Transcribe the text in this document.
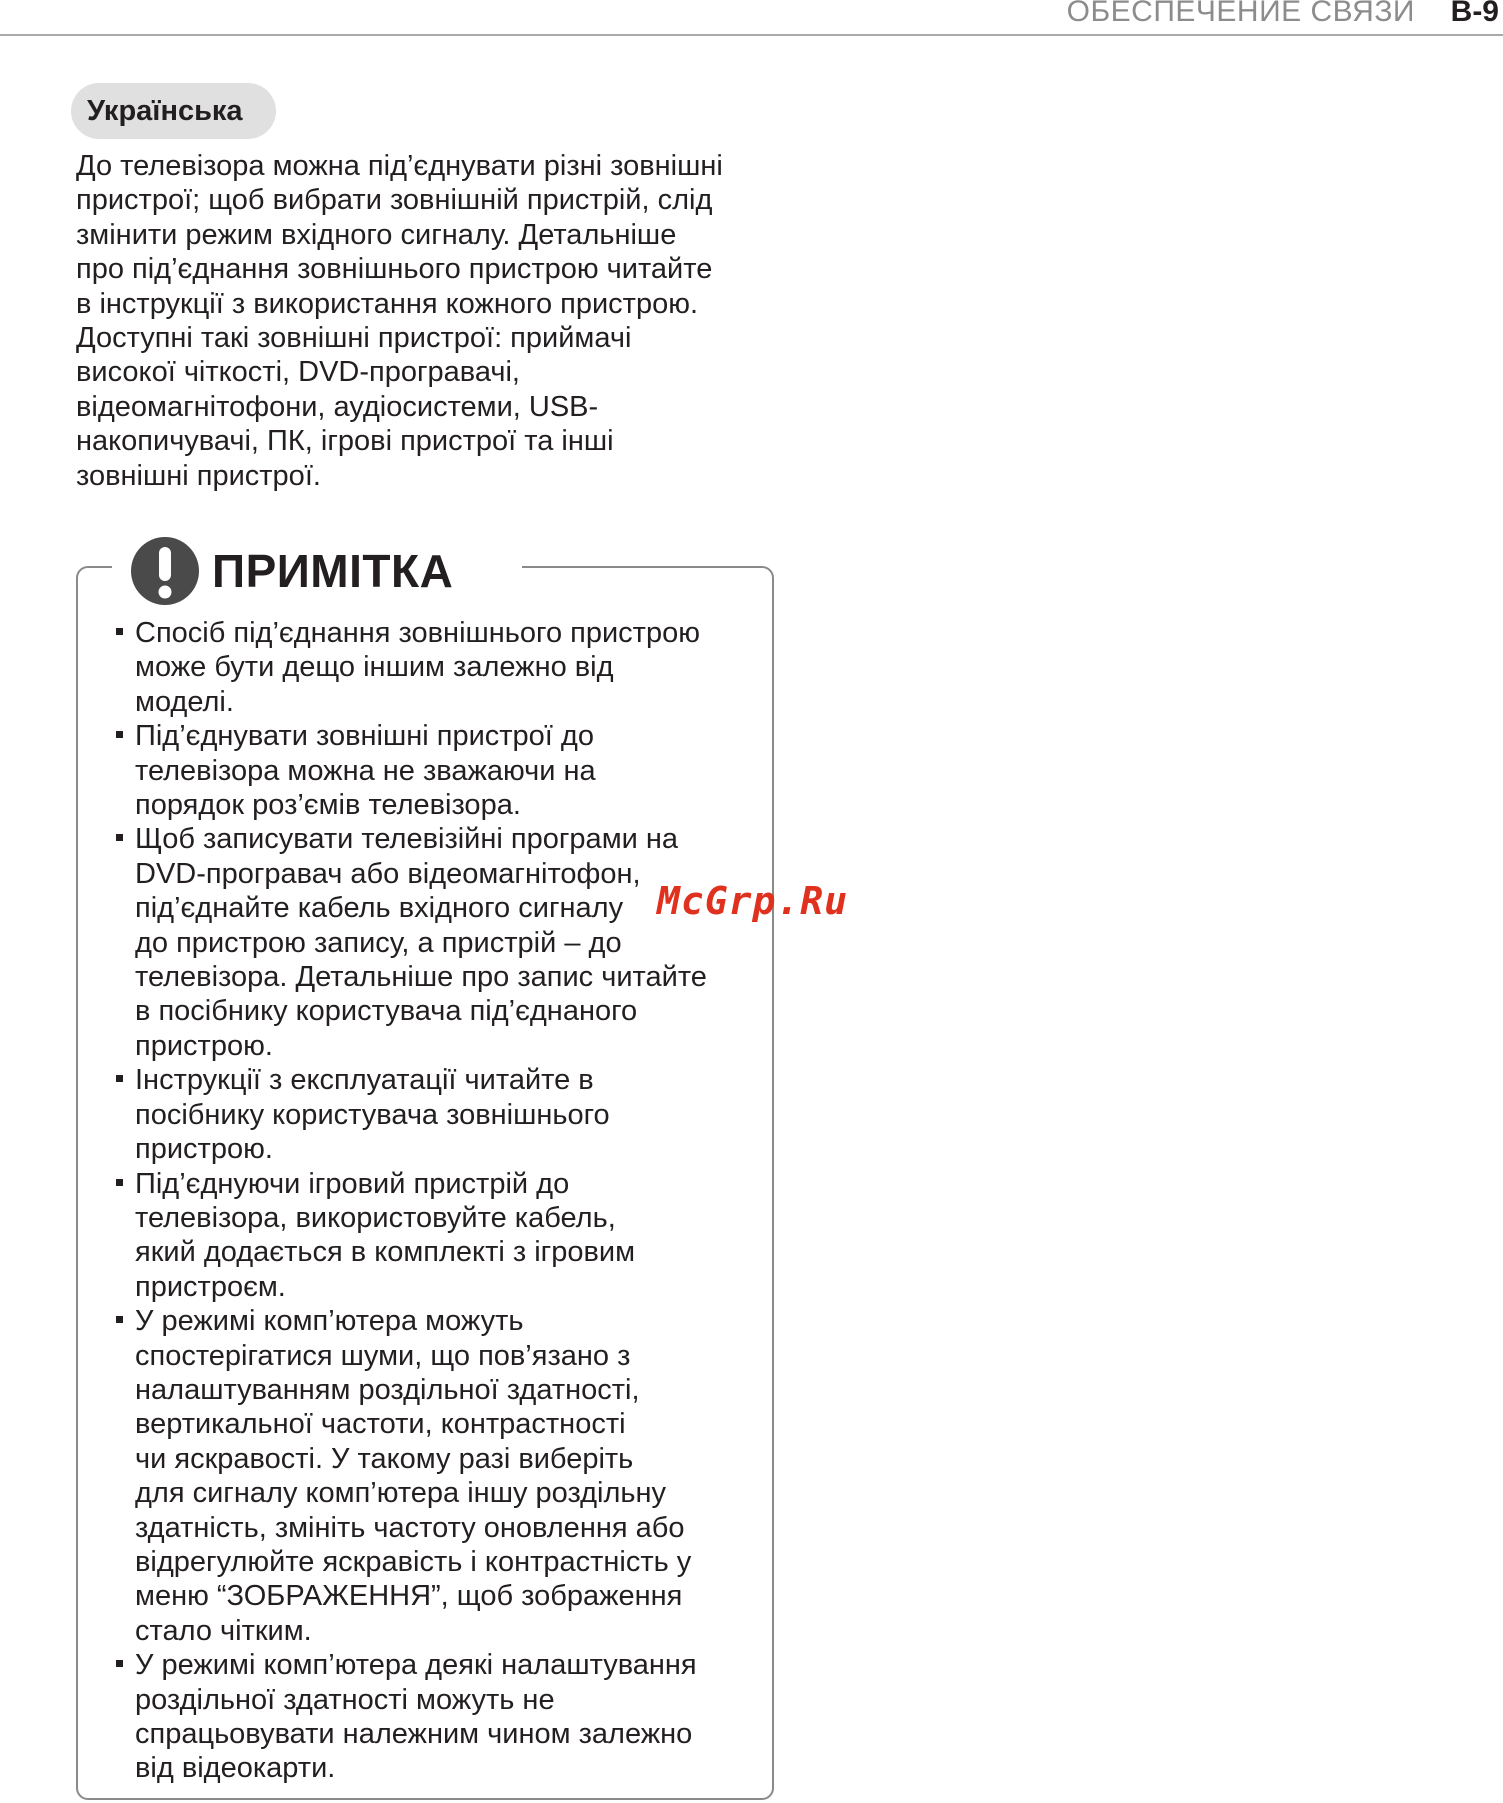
ОБЕСПЕЧЕНИЕ СВЯЗИ B-9
Українська
До телевізора можна під’єднувати різні зовнішні
пристрої; щоб вибрати зовнішній пристрій, слід
змінити режим вхідного сигналу. Детальніше
про під’єднання зовнішнього пристрою читайте
в інструкції з використання кожного пристрою.
Доступні такі зовнішні пристрої: приймачі
високої чіткості, DVD-програвачі,
відеомагнітофони, аудіосистеми, USB-
накопичувачі, ПК, ігрові пристрої та інші
зовнішні пристрої.
ПРИМІТКА
Спосіб під’єднання зовнішнього пристрою
може бути дещо іншим залежно від
моделі.
Під’єднувати зовнішні пристрої до
телевізора можна не зважаючи на
порядок роз’ємів телевізора.
Щоб записувати телевізійні програми на
DVD-програвач або відеомагнітофон,
під’єднайте кабель вхідного сигналу
до пристрою запису, а пристрій – до
телевізора. Детальніше про запис читайте
в посібнику користувача під’єднаного
пристрою.
Інструкції з експлуатації читайте в
посібнику користувача зовнішнього
пристрою.
Під’єднуючи ігровий пристрій до
телевізора, використовуйте кабель,
який додається в комплекті з ігровим
пристроєм.
У режимі комп’ютера можуть
спостерігатися шуми, що пов’язано з
налаштуванням роздільної здатності,
вертикальної частоти, контрастності
чи яскравості. У такому разі виберіть
для сигналу комп’ютера іншу роздільну
здатність, змініть частоту оновлення або
відрегулюйте яскравість і контрастність у
меню “ЗОБРАЖЕННЯ”, щоб зображення
стало чітким.
У режимі комп’ютера деякі налаштування
роздільної здатності можуть не
спрацьовувати належним чином залежно
від відеокарти.
McGrp.Ru
